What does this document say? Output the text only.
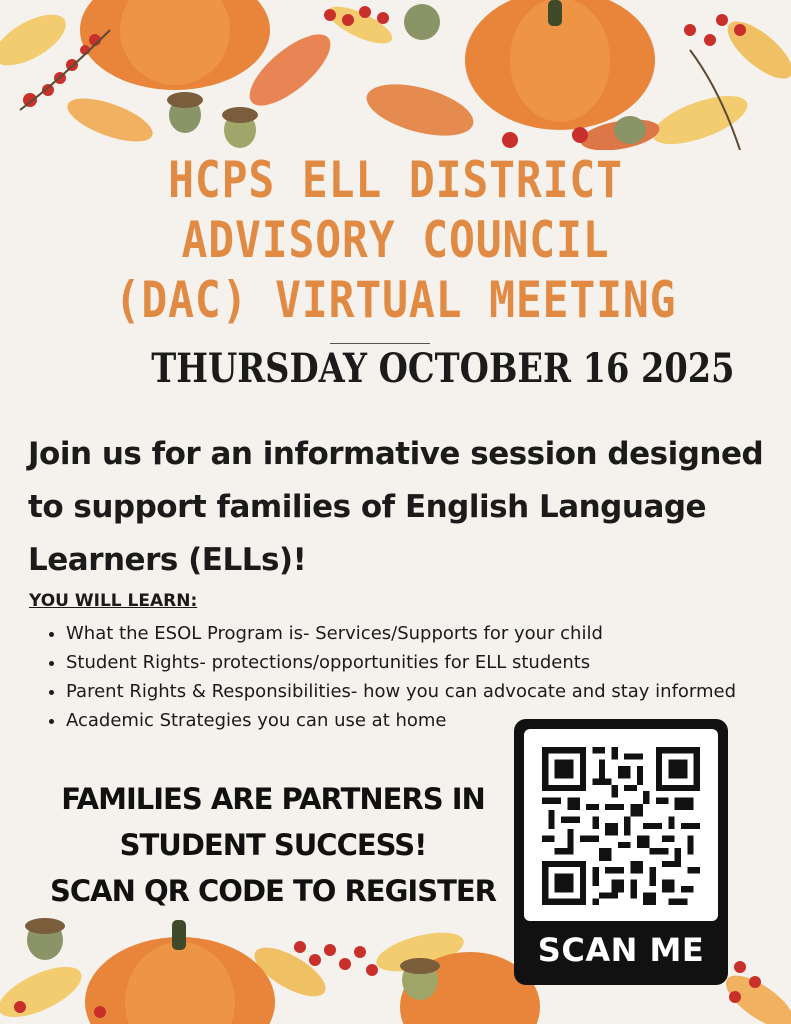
HCPS ELL DISTRICT
ADVISORY COUNCIL
(DAC) VIRTUAL MEETING
THURSDAY OCTOBER 16 2025
Join us for an informative session designed to support families of English Language Learners (ELLs)!
YOU WILL LEARN:
• What the ESOL Program is- Services/Supports for your child
• Student Rights- protections/opportunities for ELL students
• Parent Rights & Responsibilities- how you can advocate and stay informed
• Academic Strategies you can use at home
FAMILIES ARE PARTNERS IN
STUDENT SUCCESS!
SCAN QR CODE TO REGISTER
SCAN ME
